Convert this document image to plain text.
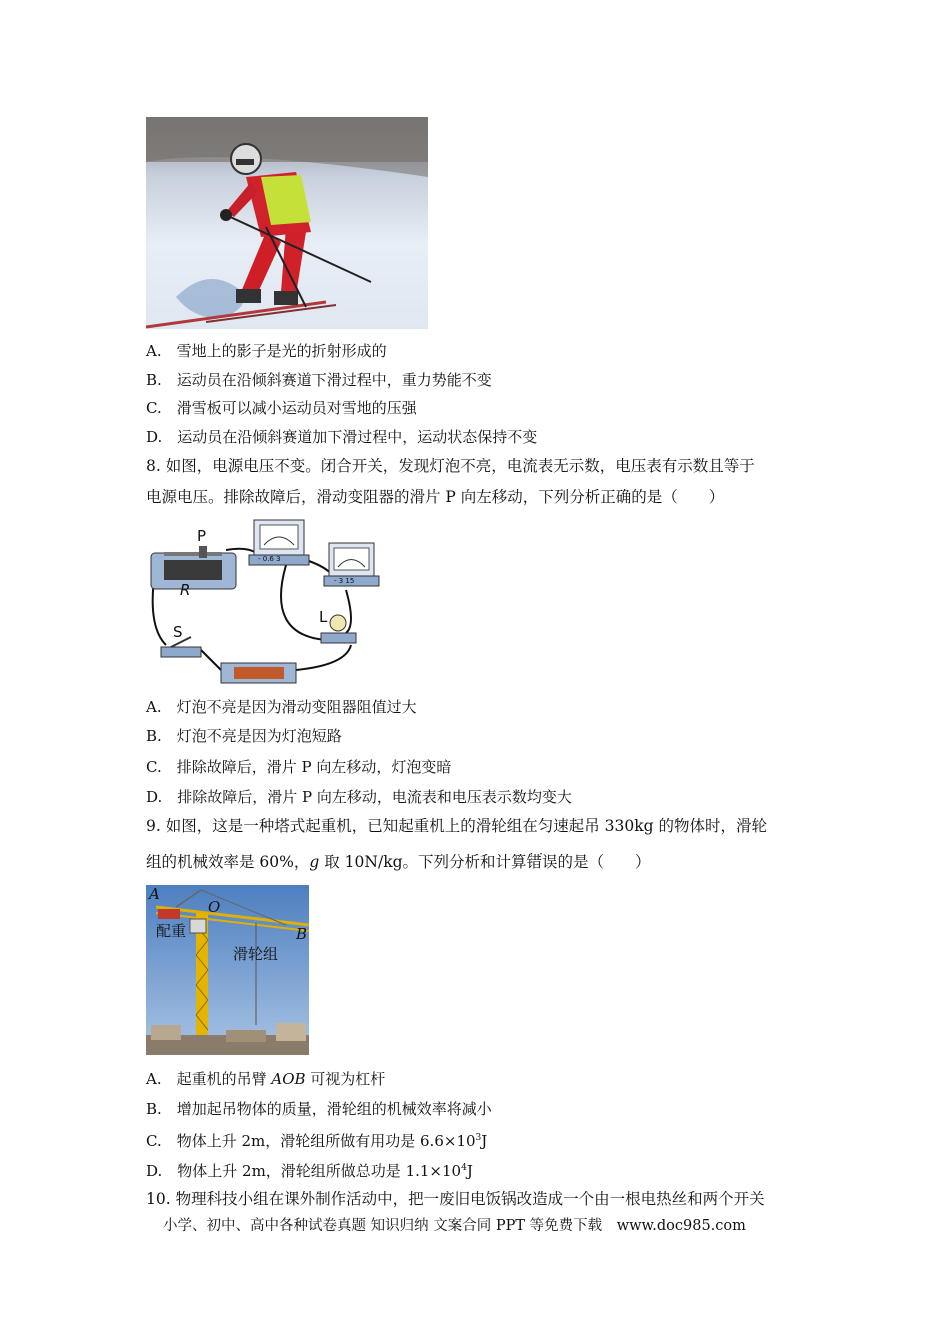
A.　雪地上的影子是光的折射形成的
B.　运动员在沿倾斜赛道下滑过程中，重力势能不变
C.　滑雪板可以减小运动员对雪地的压强
D.　运动员在沿倾斜赛道加下滑过程中，运动状态保持不变
8. 如图，电源电压不变。闭合开关，发现灯泡不亮，电流表无示数，电压表有示数且等于
电源电压。排除故障后，滑动变阻器的滑片 P 向左移动，下列分析正确的是（　　）
P
R
S
L
- 0.6 3
- 3 15
A.　灯泡不亮是因为滑动变阻器阻值过大
B.　灯泡不亮是因为灯泡短路
C.　排除故障后，滑片 P 向左移动，灯泡变暗
D.　排除故障后，滑片 P 向左移动，电流表和电压表示数均变大
9. 如图，这是一种塔式起重机，已知起重机上的滑轮组在匀速起吊 330kg 的物体时，滑轮
组的机械效率是 60%，g 取 10N/kg。下列分析和计算错误 · ·的是（　　）
A
O
B
配重
滑轮组
A.　起重机的吊臂 AOB 可视为杠杆
B.　增加起吊物体的质量，滑轮组的机械效率将减小
C.　物体上升 2m，滑轮组所做有用功是 $6.6\times 10^3J$
D.　物体上升 2m，滑轮组所做总功是 $1.1\times 10^4J$
10. 物理科技小组在课外制作活动中，把一废旧电饭锅改造成一个由一根电热丝和两个开关
小学、初中、高中各种试卷真题 知识归纳 文案合同 PPT 等免费下载 www.doc985.com
